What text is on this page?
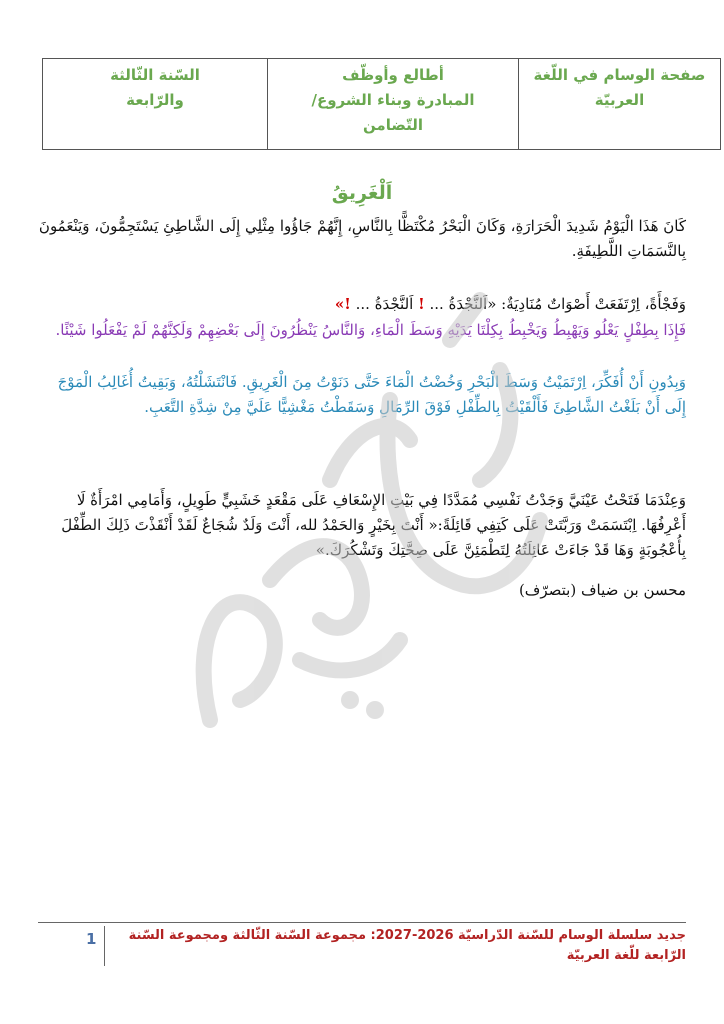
صفحة الوسام في اللّغة
العربيّة

أطالع وأوظّف
المبادرة وبناء الشروع/
التّضامن

السّنة الثّالثة
والرّابعة
اَلْغَرِيقُ
كَانَ هَذَا الْيَوْمُ شَدِيدَ الْحَرَارَةِ، وَكَانَ الْبَحْرُ مُكْتَظًّا بِالنَّاسِ، إِنَّهُمْ جَاؤُوا مِثْلِي إِلَى الشَّاطِئِ يَسْتَجِمُّونَ، وَيَنْعَمُونَ بِالنَّسَمَاتِ اللَّطِيفَةِ.
وَفَجْأَةً، اِرْتَفَعَتْ أَصْوَاتٌ مُنَادِيَةٌ: «اَلنَّجْدَةُ ... ! اَلنَّجْدَةُ ... !»
فَإِذَا بِطِفْلٍ يَعْلُو وَيَهْبِطُ وَيَخْبِطُ بِكِلْتَا يَدَيْهِ وَسَطَ الْمَاءِ، وَالنَّاسُ يَنْظُرُونَ إِلَى بَعْضِهِمْ وَلَكِنَّهُمْ لَمْ يَفْعَلُوا شَيْئًا.
وَبِدُونِ أَنْ أُفَكِّرَ، اِرْتَمَيْتُ وَسَطَ الْبَحْرِ وَخُضْتُ الْمَاءَ حَتَّى دَنَوْتُ مِنَ الْغَرِيقِ. فَانْتَشَلْتُهُ، وَبَقِيتُ أُغَالِبُ الْمَوْجَ إِلَى أَنْ بَلَغْتُ الشَّاطِئَ فَأَلْقَيْتُ بِالطِّفْلِ فَوْقَ الرِّمَالِ وَسَقَطْتُ مَغْشِيًّا عَلَيَّ مِنْ شِدَّةِ التَّعَبِ.
وَعِنْدَمَا فَتَحْتُ عَيْنَيَّ وَجَدْتُ نَفْسِي مُمَدَّدًا فِي بَيْتِ الإِسْعَافِ عَلَى مَقْعَدٍ خَشَبِيٍّ طَوِيلٍ، وَأَمَامِي امْرَأَةٌ لَا أَعْرِفُهَا. اِبْتَسَمَتْ وَرَبَّتَتْ عَلَى كَتِفِي قَائِلَةً:« أَنْتَ بِخَيْرٍ وَالحَمْدُ لله، أَنْتَ وَلَدٌ شُجَاعٌ لَقَدْ أَنْقَذْتَ ذَلِكَ الطِّفْلَ بِأُعْجُوبَةٍ وَهَا قَدْ جَاءَتْ عَائِلَتُهُ لِتَطْمَئِنَّ عَلَى صِحَّتِكَ وَتَشْكُرَكَ.»
محسن بن ضياف (بتصرّف)
جديد سلسلة الوسام للسّنة الدّراسيّة 2026-2027: مجموعة السّنة الثّالثة ومجموعة السّنة الرّابعة للّغة العربيّة
1
